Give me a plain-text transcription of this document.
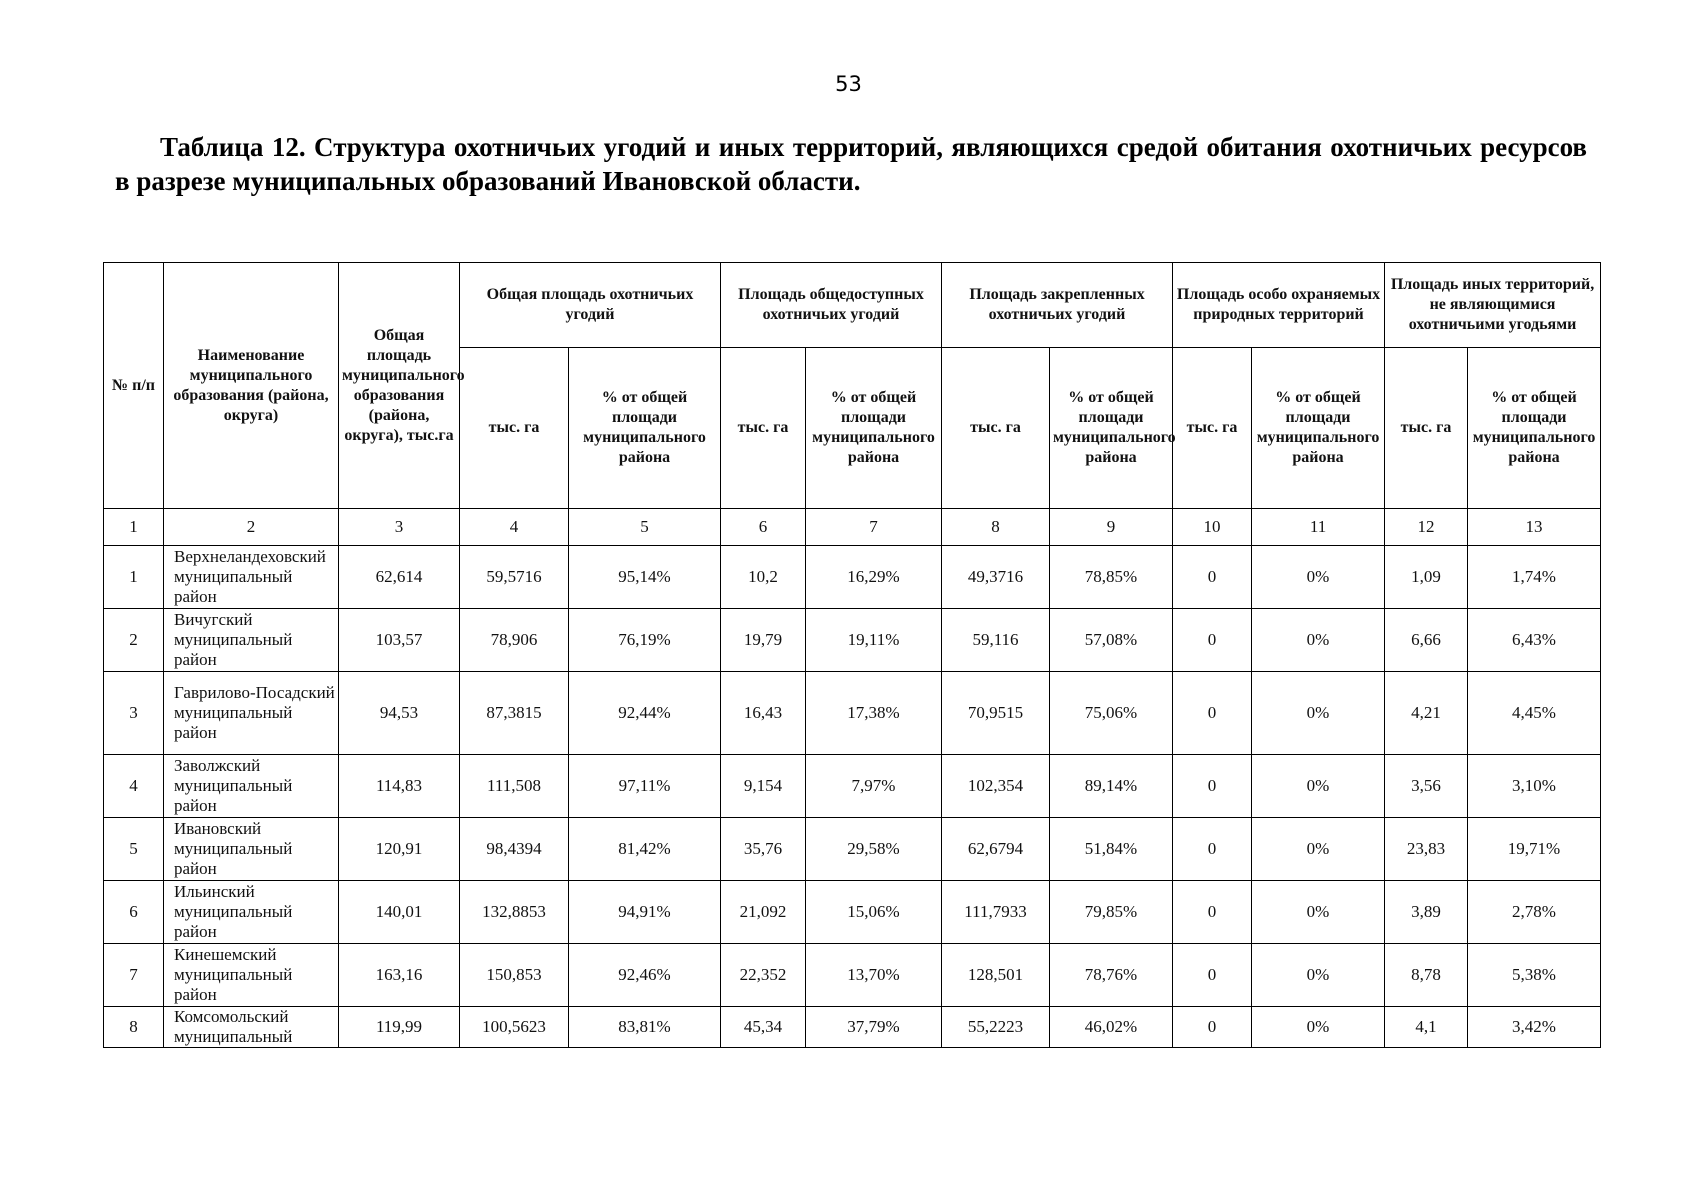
53

Таблица 12. Структура охотничьих угодий и иных территорий, являющихся средой обитания охотничьих ресурсов в разрезе муниципальных образований Ивановской области.

№ п/п	Наименование муниципального образования (района, округа)	Общая площадь муниципального образования (района, округа), тыс.га	Общая площадь охотничьих угодий		Площадь общедоступных охотничьих угодий		Площадь закрепленных охотничьих угодий		Площадь особо охраняемых природных территорий		Площадь иных территорий, не являющимися охотничьими угодьями	
			тыс. га	% от общей площади муниципального района	тыс. га	% от общей площади муниципального района	тыс. га	% от общей площади муниципального района	тыс. га	% от общей площади муниципального района	тыс. га	% от общей площади муниципального района
1	2	3	4	5	6	7	8	9	10	11	12	13
1	Верхнеландеховский муниципальный район	62,614	59,5716	95,14%	10,2	16,29%	49,3716	78,85%	0	0%	1,09	1,74%
2	Вичугский муниципальный район	103,57	78,906	76,19%	19,79	19,11%	59,116	57,08%	0	0%	6,66	6,43%
3	Гаврилово-Посадский муниципальный район	94,53	87,3815	92,44%	16,43	17,38%	70,9515	75,06%	0	0%	4,21	4,45%
4	Заволжский муниципальный район	114,83	111,508	97,11%	9,154	7,97%	102,354	89,14%	0	0%	3,56	3,10%
5	Ивановский муниципальный район	120,91	98,4394	81,42%	35,76	29,58%	62,6794	51,84%	0	0%	23,83	19,71%
6	Ильинский муниципальный район	140,01	132,8853	94,91%	21,092	15,06%	111,7933	79,85%	0	0%	3,89	2,78%
7	Кинешемский муниципальный район	163,16	150,853	92,46%	22,352	13,70%	128,501	78,76%	0	0%	8,78	5,38%
8	Комсомольский муниципальный	119,99	100,5623	83,81%	45,34	37,79%	55,2223	46,02%	0	0%	4,1	3,42%
